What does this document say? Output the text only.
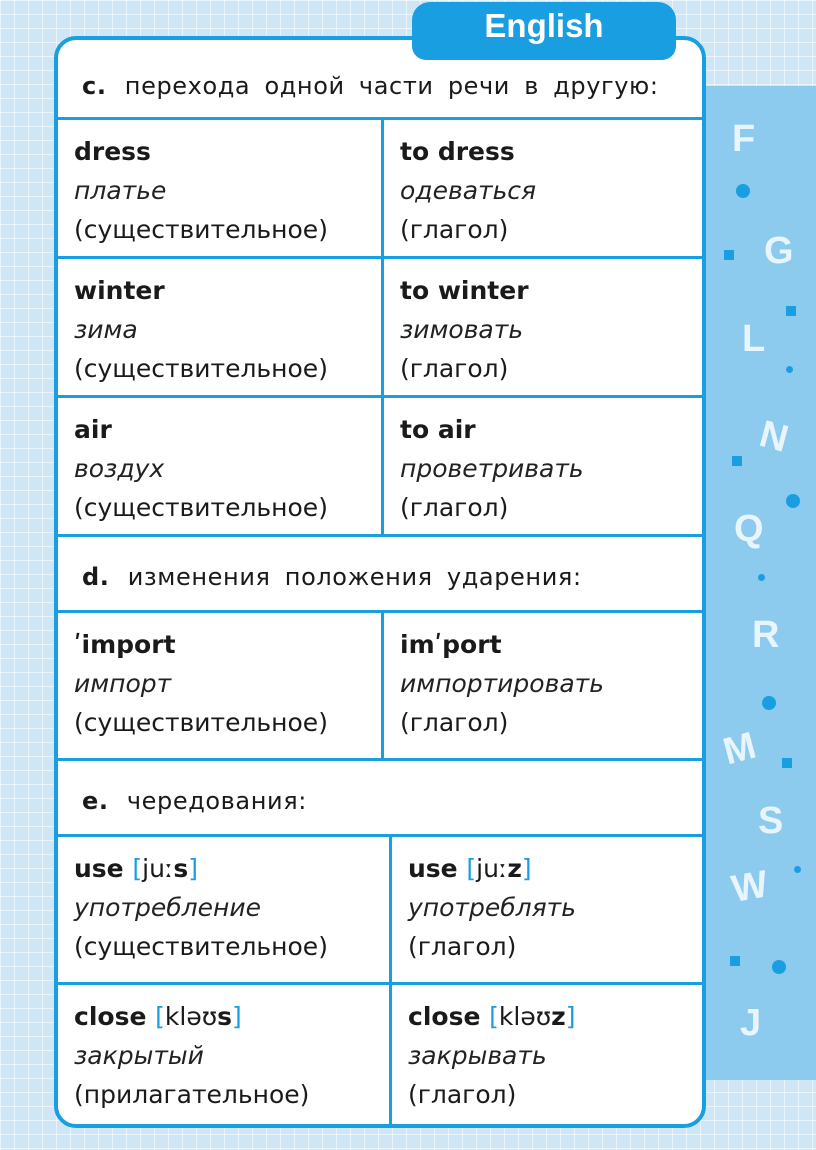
F
G
L
N
Q
R
M
S
W
J
c. перехода одной части речи в другую:
dress
платье
(существительное)
to dress
одеваться
(глагол)
winter
зима
(существительное)
to winter
зимовать
(глагол)
air
воздух
(существительное)
to air
проветривать
(глагол)
d. изменения положения ударения:
ʹimport
импорт
(существительное)
imʹport
импортировать
(глагол)
e. чередования:
use [juːs]
употребление
(существительное)
use [juːz]
употреблять
(глагол)
close [kləʊs]
закрытый
(прилагательное)
close [kləʊz]
закрывать
(глагол)
English
